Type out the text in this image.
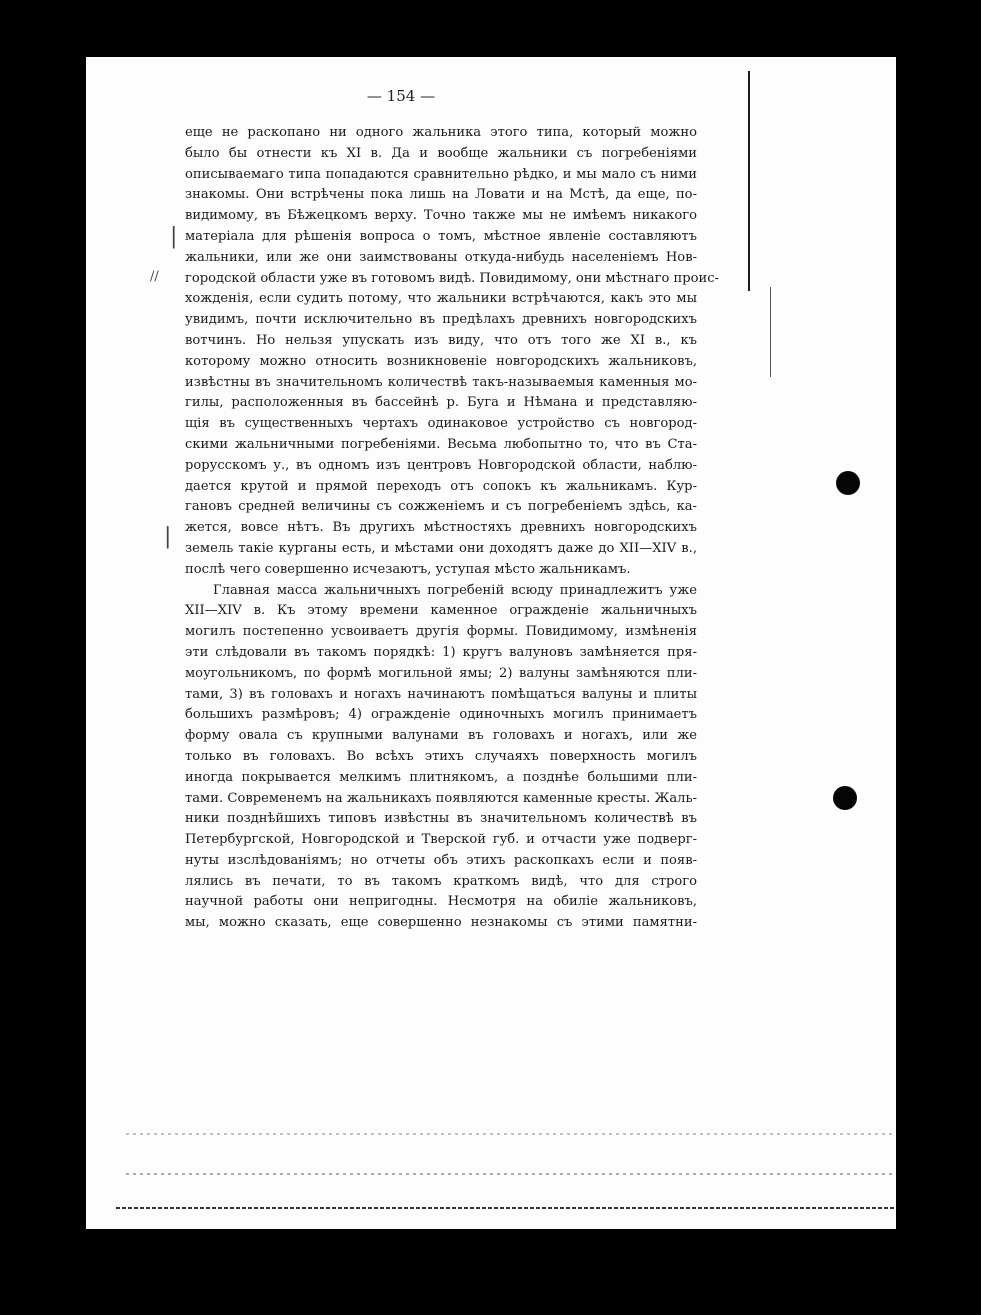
— 154 —
//
|
|

еще не раскопано ни одного жальника этого типа, который можно
было бы отнести къ XI в. Да и вообще жальники съ погребеніями
описываемаго типа попадаются сравнительно рѣдко, и мы мало съ ними
знакомы. Они встрѣчены пока лишь на Ловати и на Мстѣ, да еще, по-
видимому, въ Бѣжецкомъ верху. Точно также мы не имѣемъ никакого
матеріала для рѣшенія вопроса о томъ, мѣстное явленіе составляютъ
жальники, или же они заимствованы откуда-нибудь населеніемъ Нов-
городской области уже въ готовомъ видѣ. Повидимому, они мѣстнаго проис-
хожденія, если судить потому, что жальники встрѣчаются, какъ это мы
увидимъ, почти исключительно въ предѣлахъ древнихъ новгородскихъ
вотчинъ. Но нельзя упускать изъ виду, что отъ того же XI в., къ
которому можно относить возникновеніе новгородскихъ жальниковъ,
извѣстны въ значительномъ количествѣ такъ-называемыя каменныя мо-
гилы, расположенныя въ бассейнѣ р. Буга и Нѣмана и представляю-
щія въ существенныхъ чертахъ одинаковое устройство съ новгород-
скими жальничными погребеніями. Весьма любопытно то, что въ Ста-
рорусскомъ у., въ одномъ изъ центровъ Новгородской области, наблю-
дается крутой и прямой переходъ отъ сопокъ къ жальникамъ. Кур-
гановъ средней величины съ сожженіемъ и съ погребеніемъ здѣсь, ка-
жется, вовсе нѣтъ. Въ другихъ мѣстностяхъ древнихъ новгородскихъ
земель такіе курганы есть, и мѣстами они доходятъ даже до XII—XIV в.,
послѣ чего совершенно исчезаютъ, уступая мѣсто жальникамъ.

Главная масса жальничныхъ погребеній всюду принадлежитъ уже
XII—XIV в. Къ этому времени каменное огражденіе жальничныхъ
могилъ постепенно усвоиваетъ другія формы. Повидимому, измѣненія
эти слѣдовали въ такомъ порядкѣ: 1) кругъ валуновъ замѣняется пря-
моугольникомъ, по формѣ могильной ямы; 2) валуны замѣняются пли-
тами, 3) въ головахъ и ногахъ начинаютъ помѣщаться валуны и плиты
большихъ размѣровъ; 4) огражденіе одиночныхъ могилъ принимаетъ
форму овала съ крупными валунами въ головахъ и ногахъ, или же
только въ головахъ. Во всѣхъ этихъ случаяхъ поверхность могилъ
иногда покрывается мелкимъ плитнякомъ, а позднѣе большими пли-
тами. Современемъ на жальникахъ появляются каменные кресты. Жаль-
ники позднѣйшихъ типовъ извѣстны въ значительномъ количествѣ въ
Петербургской, Новгородской и Тверской губ. и отчасти уже подверг-
нуты изслѣдованіямъ; но отчеты объ этихъ раскопкахъ если и появ-
лялись въ печати, то въ такомъ краткомъ видѣ, что для строго
научной работы они непригодны. Несмотря на обиліе жальниковъ,
мы, можно сказать, еще совершенно незнакомы съ этими памятни-
